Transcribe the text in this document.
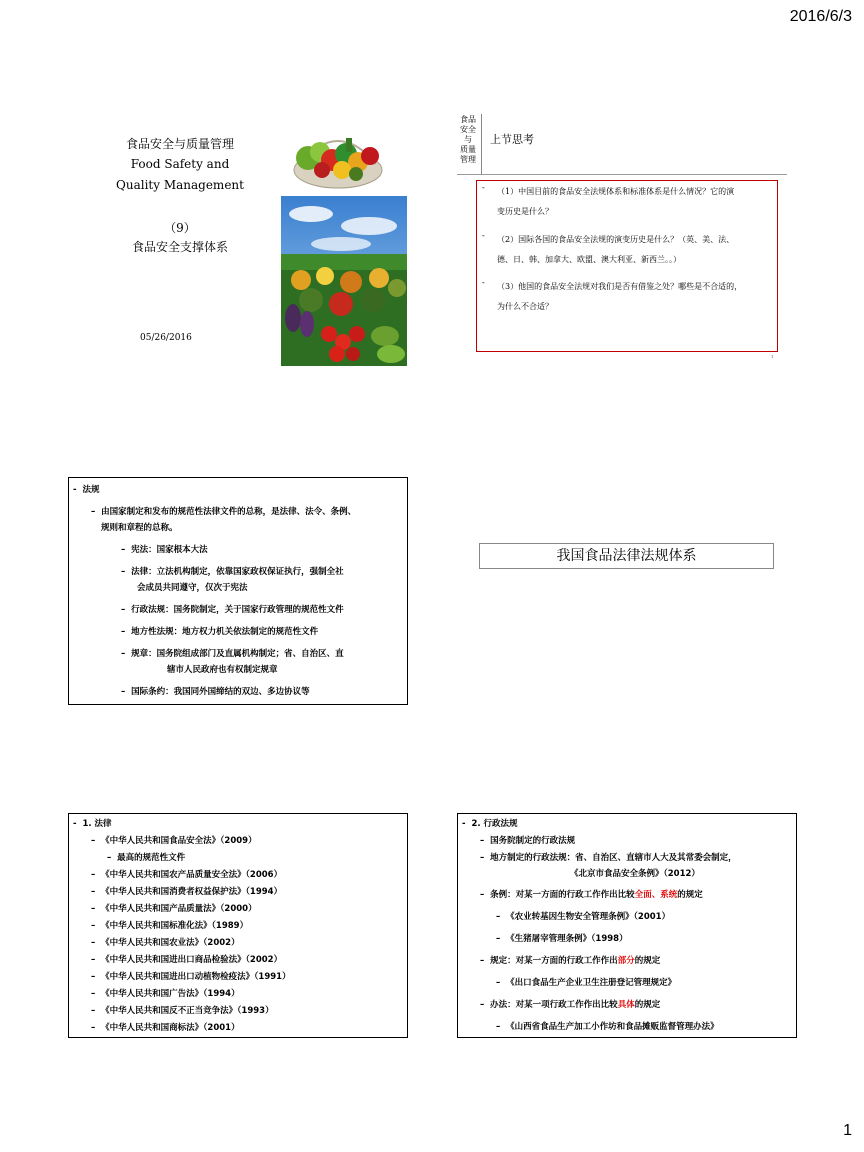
2016/6/3
1
食品安全与质量管理
Food Safety and
Quality Management
（9）
食品安全支撑体系
05/26/2016
食品
安全
与
质量
管理
上节思考
- （1）中国目前的食品安全法规体系和标准体系是什么情况？它的演
变历史是什么？
- （2）国际各国的食品安全法规的演变历史是什么？（英、美、法、
德、日、韩、加拿大、欧盟、澳大利亚、新西兰。。）
- （3）他国的食品安全法规对我们是否有借鉴之处？哪些是不合适的，
为什么不合适？
1
-  法规
–  由国家制定和发布的规范性法律文件的总称，是法律、法令、条例、
规则和章程的总称。
–  宪法：国家根本大法
–  法律：立法机构制定，依靠国家政权保证执行，强制全社
会成员共同遵守，仅次于宪法
–  行政法规：国务院制定，关于国家行政管理的规范性文件
–  地方性法规：地方权力机关依法制定的规范性文件
–  规章：国务院组成部门及直属机构制定；省、自治区、直
辖市人民政府也有权制定规章
–  国际条约：我国同外国缔结的双边、多边协议等
我国食品法律法规体系
-  1. 法律
–  《中华人民共和国食品安全法》（2009）
–  最高的规范性文件
–  《中华人民共和国农产品质量安全法》（2006）
–  《中华人民共和国消费者权益保护法》（1994）
–  《中华人民共和国产品质量法》（2000）
–  《中华人民共和国标准化法》（1989）
–  《中华人民共和国农业法》（2002）
–  《中华人民共和国进出口商品检验法》（2002）
–  《中华人民共和国进出口动植物检疫法》（1991）
–  《中华人民共和国广告法》（1994）
–  《中华人民共和国反不正当竞争法》（1993）
–  《中华人民共和国商标法》（2001）
-  2. 行政法规
–  国务院制定的行政法规
–  地方制定的行政法规：省、自治区、直辖市人大及其常委会制定，
《北京市食品安全条例》（2012）
–  条例：对某一方面的行政工作作出比较全面、系统的规定
–  《农业转基因生物安全管理条例》（2001）
–  《生猪屠宰管理条例》（1998）
–  规定：对某一方面的行政工作作出部分的规定
–  《出口食品生产企业卫生注册登记管理规定》
–  办法：对某一项行政工作作出比较具体的规定
–  《山西省食品生产加工小作坊和食品摊贩监督管理办法》
